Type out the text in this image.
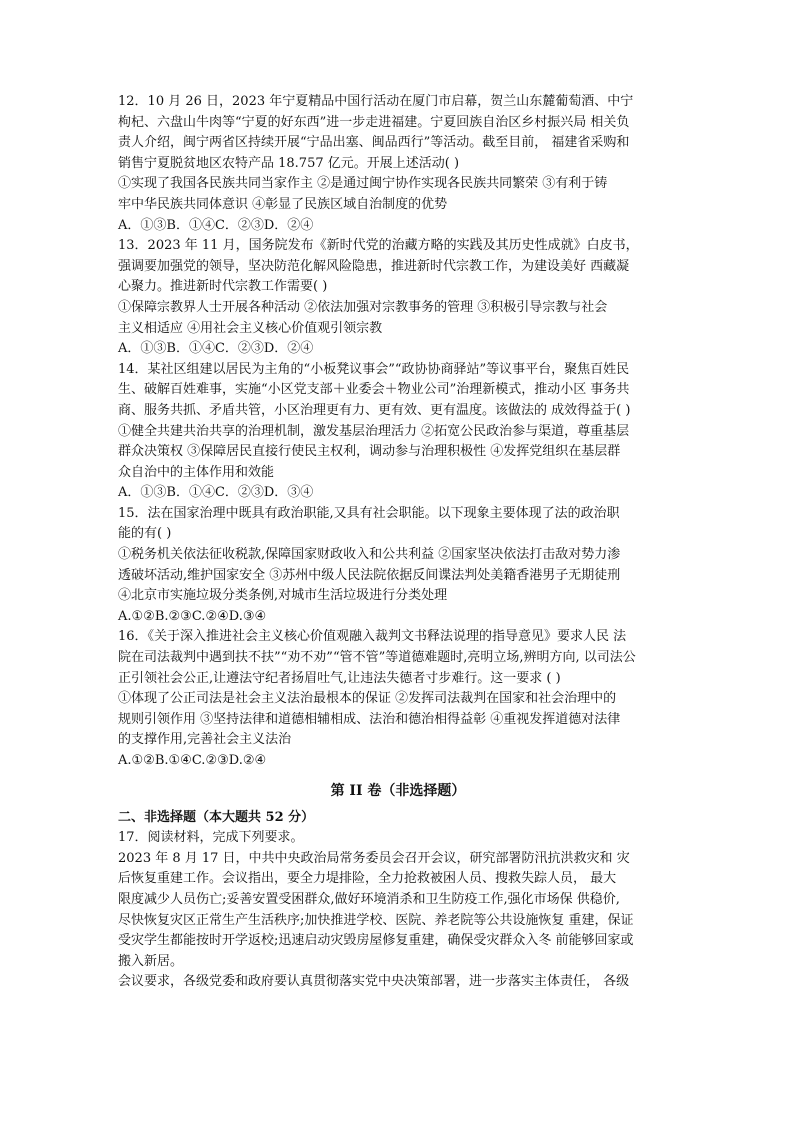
12．10 月 26 日，2023 年宁夏精品中国行活动在厦门市启幕，贺兰山东麓葡萄酒、中宁
枸杞、六盘山牛肉等“宁夏的好东西”进一步走进福建。宁夏回族自治区乡村振兴局 相关负
责人介绍，闽宁两省区持续开展“宁品出塞、闽品西行”等活动。截至目前， 福建省采购和
销售宁夏脱贫地区农特产品 18.757 亿元。开展上述活动( )
①实现了我国各民族共同当家作主 ②是通过闽宁协作实现各民族共同繁荣 ③有利于铸
牢中华民族共同体意识 ④彰显了民族区域自治制度的优势
A．①③B．①④C．②③D．②④
13．2023 年 11 月，国务院发布《新时代党的治藏方略的实践及其历史性成就》白皮书，
强调要加强党的领导，坚决防范化解风险隐患，推进新时代宗教工作，为建设美好 西藏凝
心聚力。推进新时代宗教工作需要( )
①保障宗教界人士开展各种活动 ②依法加强对宗教事务的管理 ③积极引导宗教与社会
主义相适应 ④用社会主义核心价值观引领宗教
A．①③B．①④C．②③D．②④
14．某社区组建以居民为主角的“小板凳议事会”“政协协商驿站”等议事平台，聚焦百姓民
生、破解百姓难事，实施“小区党支部＋业委会＋物业公司”治理新模式，推动小区 事务共
商、服务共抓、矛盾共管，小区治理更有力、更有效、更有温度。该做法的 成效得益于( )
①健全共建共治共享的治理机制，激发基层治理活力 ②拓宽公民政治参与渠道，尊重基层
群众决策权 ③保障居民直接行使民主权利，调动参与治理积极性 ④发挥党组织在基层群
众自治中的主体作用和效能
A．①③B．①④C．②③D．③④
15．法在国家治理中既具有政治职能,又具有社会职能。以下现象主要体现了法的政治职
能的有( )
①税务机关依法征收税款,保障国家财政收入和公共利益 ②国家坚决依法打击敌对势力渗
透破坏活动,维护国家安全 ③苏州中级人民法院依据反间谍法判处美籍香港男子无期徒刑
④北京市实施垃圾分类条例,对城市生活垃圾进行分类处理
A.①②B.②③C.②④D.③④
16．《关于深入推进社会主义核心价值观融入裁判文书释法说理的指导意见》要求人民 法
院在司法裁判中遇到扶不扶”“劝不劝”“管不管”等道德难题时,亮明立场,辨明方向, 以司法公
正引领社会公正,让遵法守纪者扬眉吐气,让违法失德者寸步难行。这一要求 ( )
①体现了公正司法是社会主义法治最根本的保证 ②发挥司法裁判在国家和社会治理中的
规则引领作用 ③坚持法律和道德相辅相成、法治和德治相得益彰 ④重视发挥道德对法律
的支撑作用,完善社会主义法治
A.①②B.①④C.②③D.②④
第 II 卷（非选择题）
二、非选择题（本大题共 52 分）
17．阅读材料，完成下列要求。
2023 年 8 月 17 日，中共中央政治局常务委员会召开会议，研究部署防汛抗洪救灾和 灾
后恢复重建工作。会议指出，要全力堤排险，全力抢救被困人员、搜救失踪人员， 最大
限度减少人员伤亡;妥善安置受困群众,做好环境消杀和卫生防疫工作,强化市场保 供稳价,
尽快恢复灾区正常生产生活秩序;加快推进学校、医院、养老院等公共设施恢复 重建，保证
受灾学生都能按时开学返校;迅速启动灾毁房屋修复重建，确保受灾群众入冬 前能够回家或
搬入新居。
会议要求，各级党委和政府要认真贯彻落实党中央决策部署，进一步落实主体责任， 各级
